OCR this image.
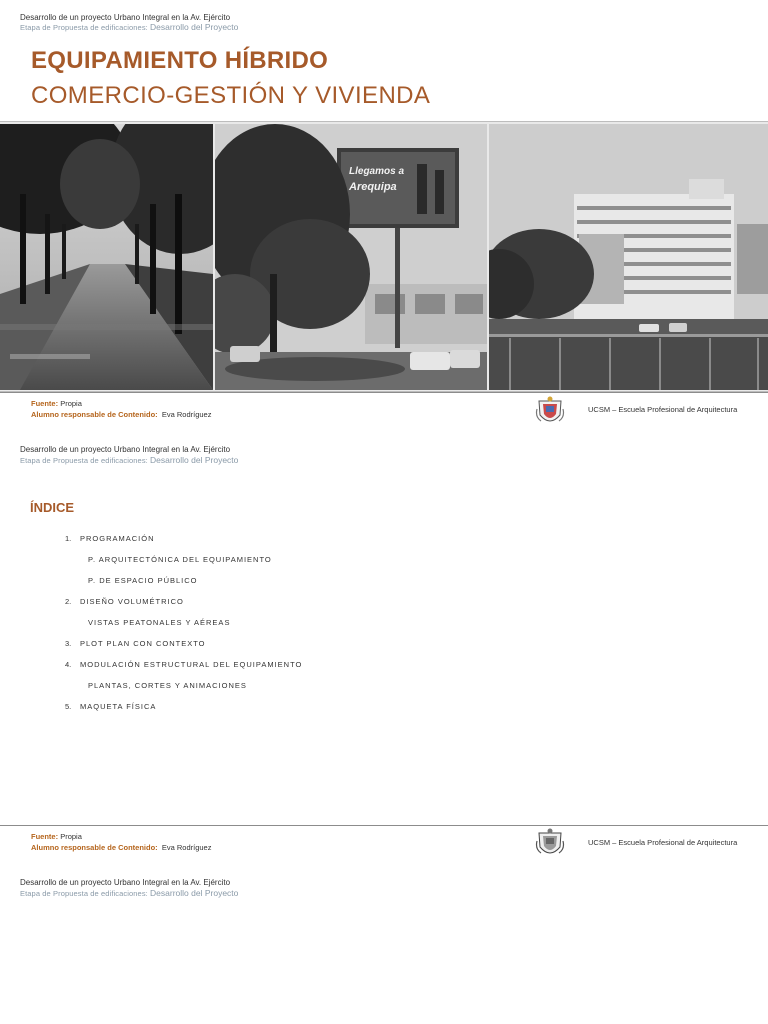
Desarrollo de un proyecto Urbano Integral en la Av. Ejército
Etapa de Propuesta de edificaciones: Desarrollo del Proyecto
EQUIPAMIENTO HÍBRIDO
COMERCIO-GESTIÓN Y VIVIENDA
Llegamos a
Arequipa
Fuente: Propia
Alumno responsable de Contenido: Eva Rodríguez
UCSM – Escuela Profesional de Arquitectura
Desarrollo de un proyecto Urbano Integral en la Av. Ejército
Etapa de Propuesta de edificaciones: Desarrollo del Proyecto
ÍNDICE
1. PROGRAMACIÓN
P. ARQUITECTÓNICA DEL EQUIPAMIENTO
P. DE ESPACIO PÚBLICO
2. DISEÑO VOLUMÉTRICO
VISTAS PEATONALES Y AÉREAS
3. PLOT PLAN CON CONTEXTO
4. MODULACIÓN ESTRUCTURAL DEL EQUIPAMIENTO
PLANTAS, CORTES Y ANIMACIONES
5. MAQUETA FÍSICA
Fuente: Propia
Alumno responsable de Contenido: Eva Rodríguez
UCSM – Escuela Profesional de Arquitectura
Desarrollo de un proyecto Urbano Integral en la Av. Ejército
Etapa de Propuesta de edificaciones: Desarrollo del Proyecto
